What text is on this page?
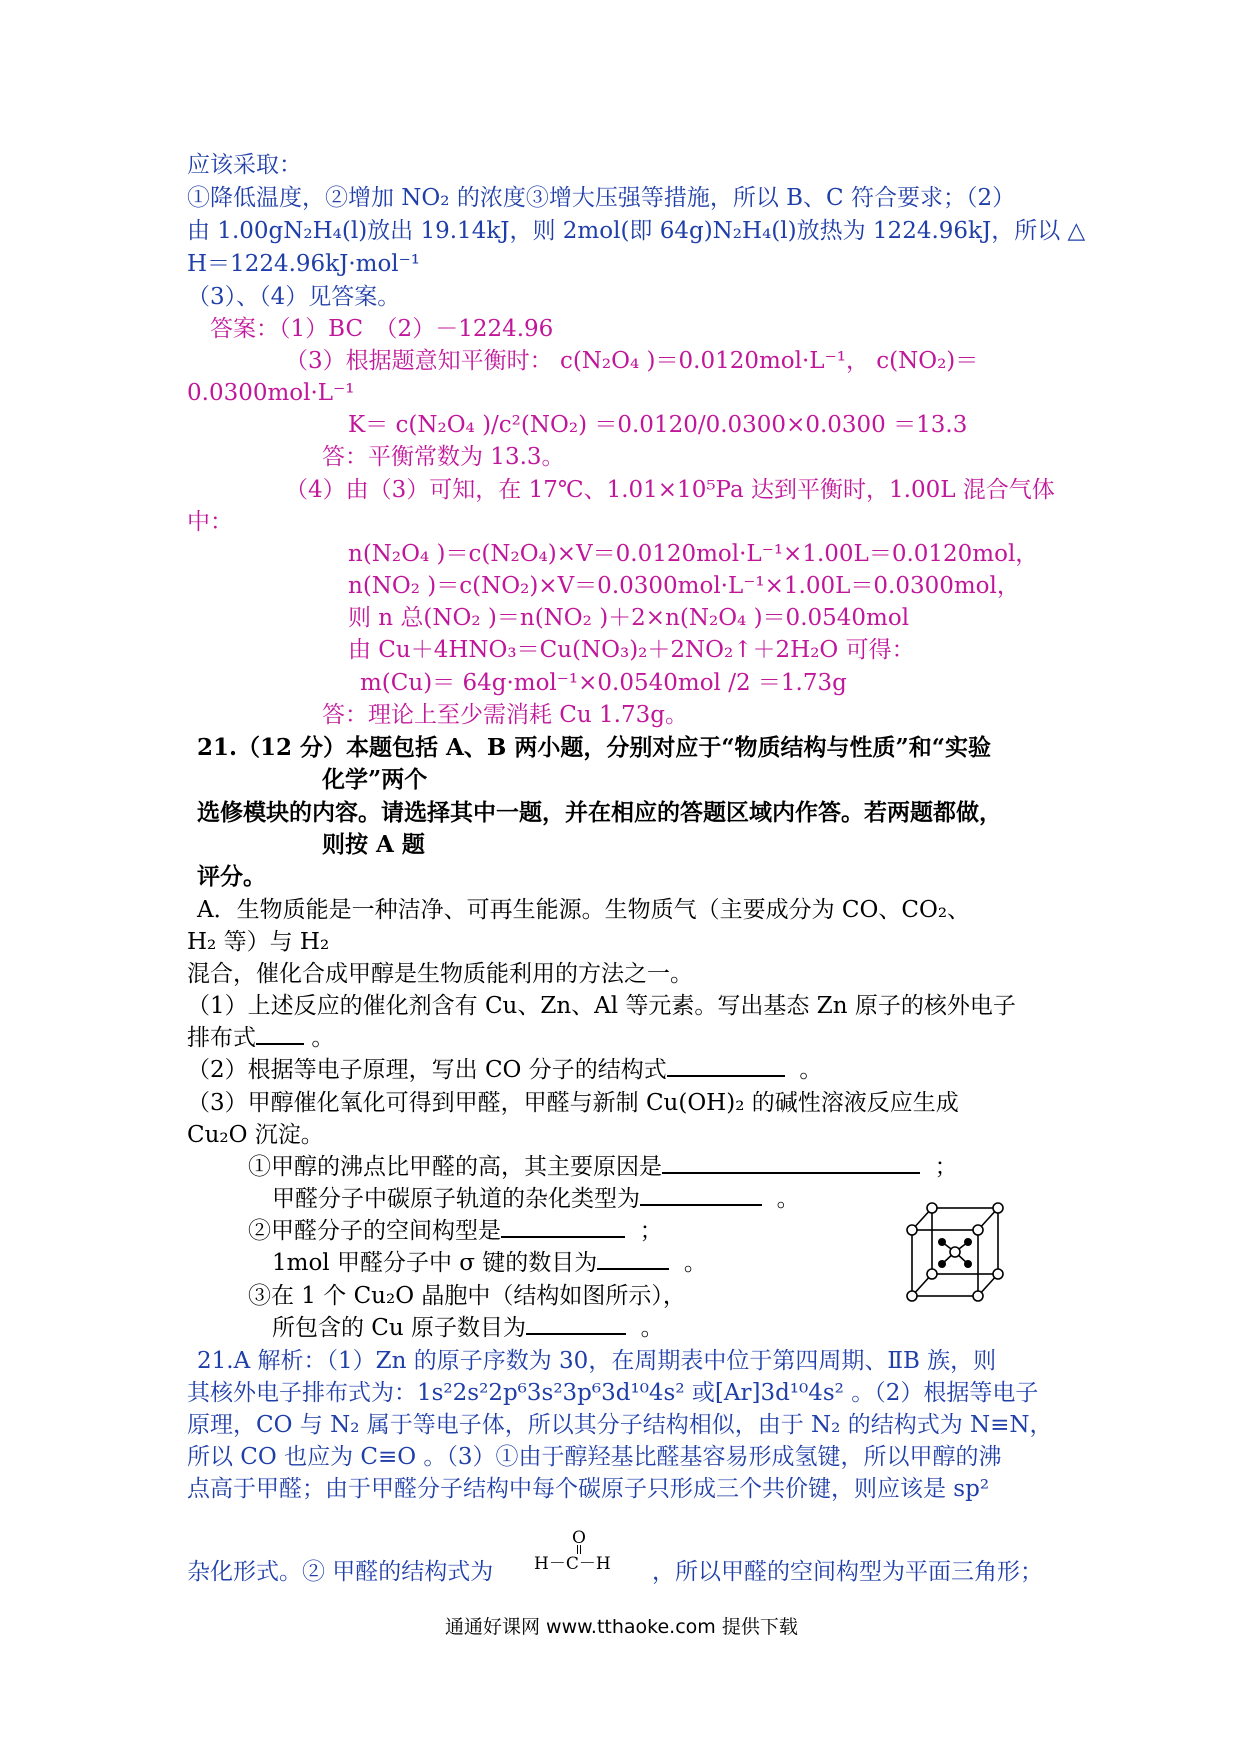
应该采取：
①降低温度，②增加 NO₂ 的浓度③增大压强等措施，所以 B、C 符合要求；（2）
由 1.00gN₂H₄(l)放出 19.14kJ，则 2mol(即 64g)N₂H₄(l)放热为 1224.96kJ，所以 △
H＝1224.96kJ·mol⁻¹
（3）、（4）见答案。
答案：（1）BC　（2）－1224.96
（3）根据题意知平衡时： c(N₂O₄ )＝0.0120mol·L⁻¹， c(NO₂)＝
0.0300mol·L⁻¹
K＝ c(N₂O₄ )/c²(NO₂) ＝0.0120/0.0300×0.0300 ＝13.3
答：平衡常数为 13.3。
（4）由（3）可知，在 17℃、1.01×10⁵Pa 达到平衡时，1.00L 混合气体
中：
n(N₂O₄ )＝c(N₂O₄)×V＝0.0120mol·L⁻¹×1.00L＝0.0120mol，
n(NO₂ )＝c(NO₂)×V＝0.0300mol·L⁻¹×1.00L＝0.0300mol，
则 n 总(NO₂ )＝n(NO₂ )＋2×n(N₂O₄ )＝0.0540mol
由 Cu＋4HNO₃＝Cu(NO₃)₂＋2NO₂↑＋2H₂O 可得：
m(Cu)＝ 64g·mol⁻¹×0.0540mol /2 ＝1.73g
答：理论上至少需消耗 Cu 1.73g。
21.（12 分）本题包括 A、B 两小题，分别对应于“物质结构与性质”和“实验
化学”两个
选修模块的内容。请选择其中一题，并在相应的答题区域内作答。若两题都做，
则按 A 题
评分。
A．生物质能是一种洁净、可再生能源。生物质气（主要成分为 CO、CO₂、
H₂ 等）与 H₂
混合，催化合成甲醇是生物质能利用的方法之一。
（1）上述反应的催化剂含有 Cu、Zn、Al 等元素。写出基态 Zn 原子的核外电子
排布式 。
（2）根据等电子原理，写出 CO 分子的结构式	。
（3）甲醇催化氧化可得到甲醛，甲醛与新制 Cu(OH)₂ 的碱性溶液反应生成
Cu₂O 沉淀。
①甲醇的沸点比甲醛的高，其主要原因是	；
甲醛分子中碳原子轨道的杂化类型为	。
②甲醛分子的空间构型是	；
1mol 甲醛分子中 σ 键的数目为	。
③在 1 个 Cu₂O 晶胞中（结构如图所示），
所包含的 Cu 原子数目为	。
21.A 解析：（1）Zn 的原子序数为 30，在周期表中位于第四周期、ⅡB 族，则
其核外电子排布式为：1s²2s²2p⁶3s²3p⁶3d¹⁰4s² 或[Ar]3d¹⁰4s² 。（2）根据等电子
原理，CO 与 N₂ 属于等电子体，所以其分子结构相似，由于 N₂ 的结构式为 N≡N，
所以 CO 也应为 C≡O 。（3）①由于醇羟基比醛基容易形成氢键，所以甲醇的沸
点高于甲醛；由于甲醛分子结构中每个碳原子只形成三个共价键，则应该是 sp²
杂化形式。② 甲醛的结构式为
O
H－C－H ，所以甲醛的空间构型为平面三角形；
通通好课网 www.tthaoke.com 提供下载
